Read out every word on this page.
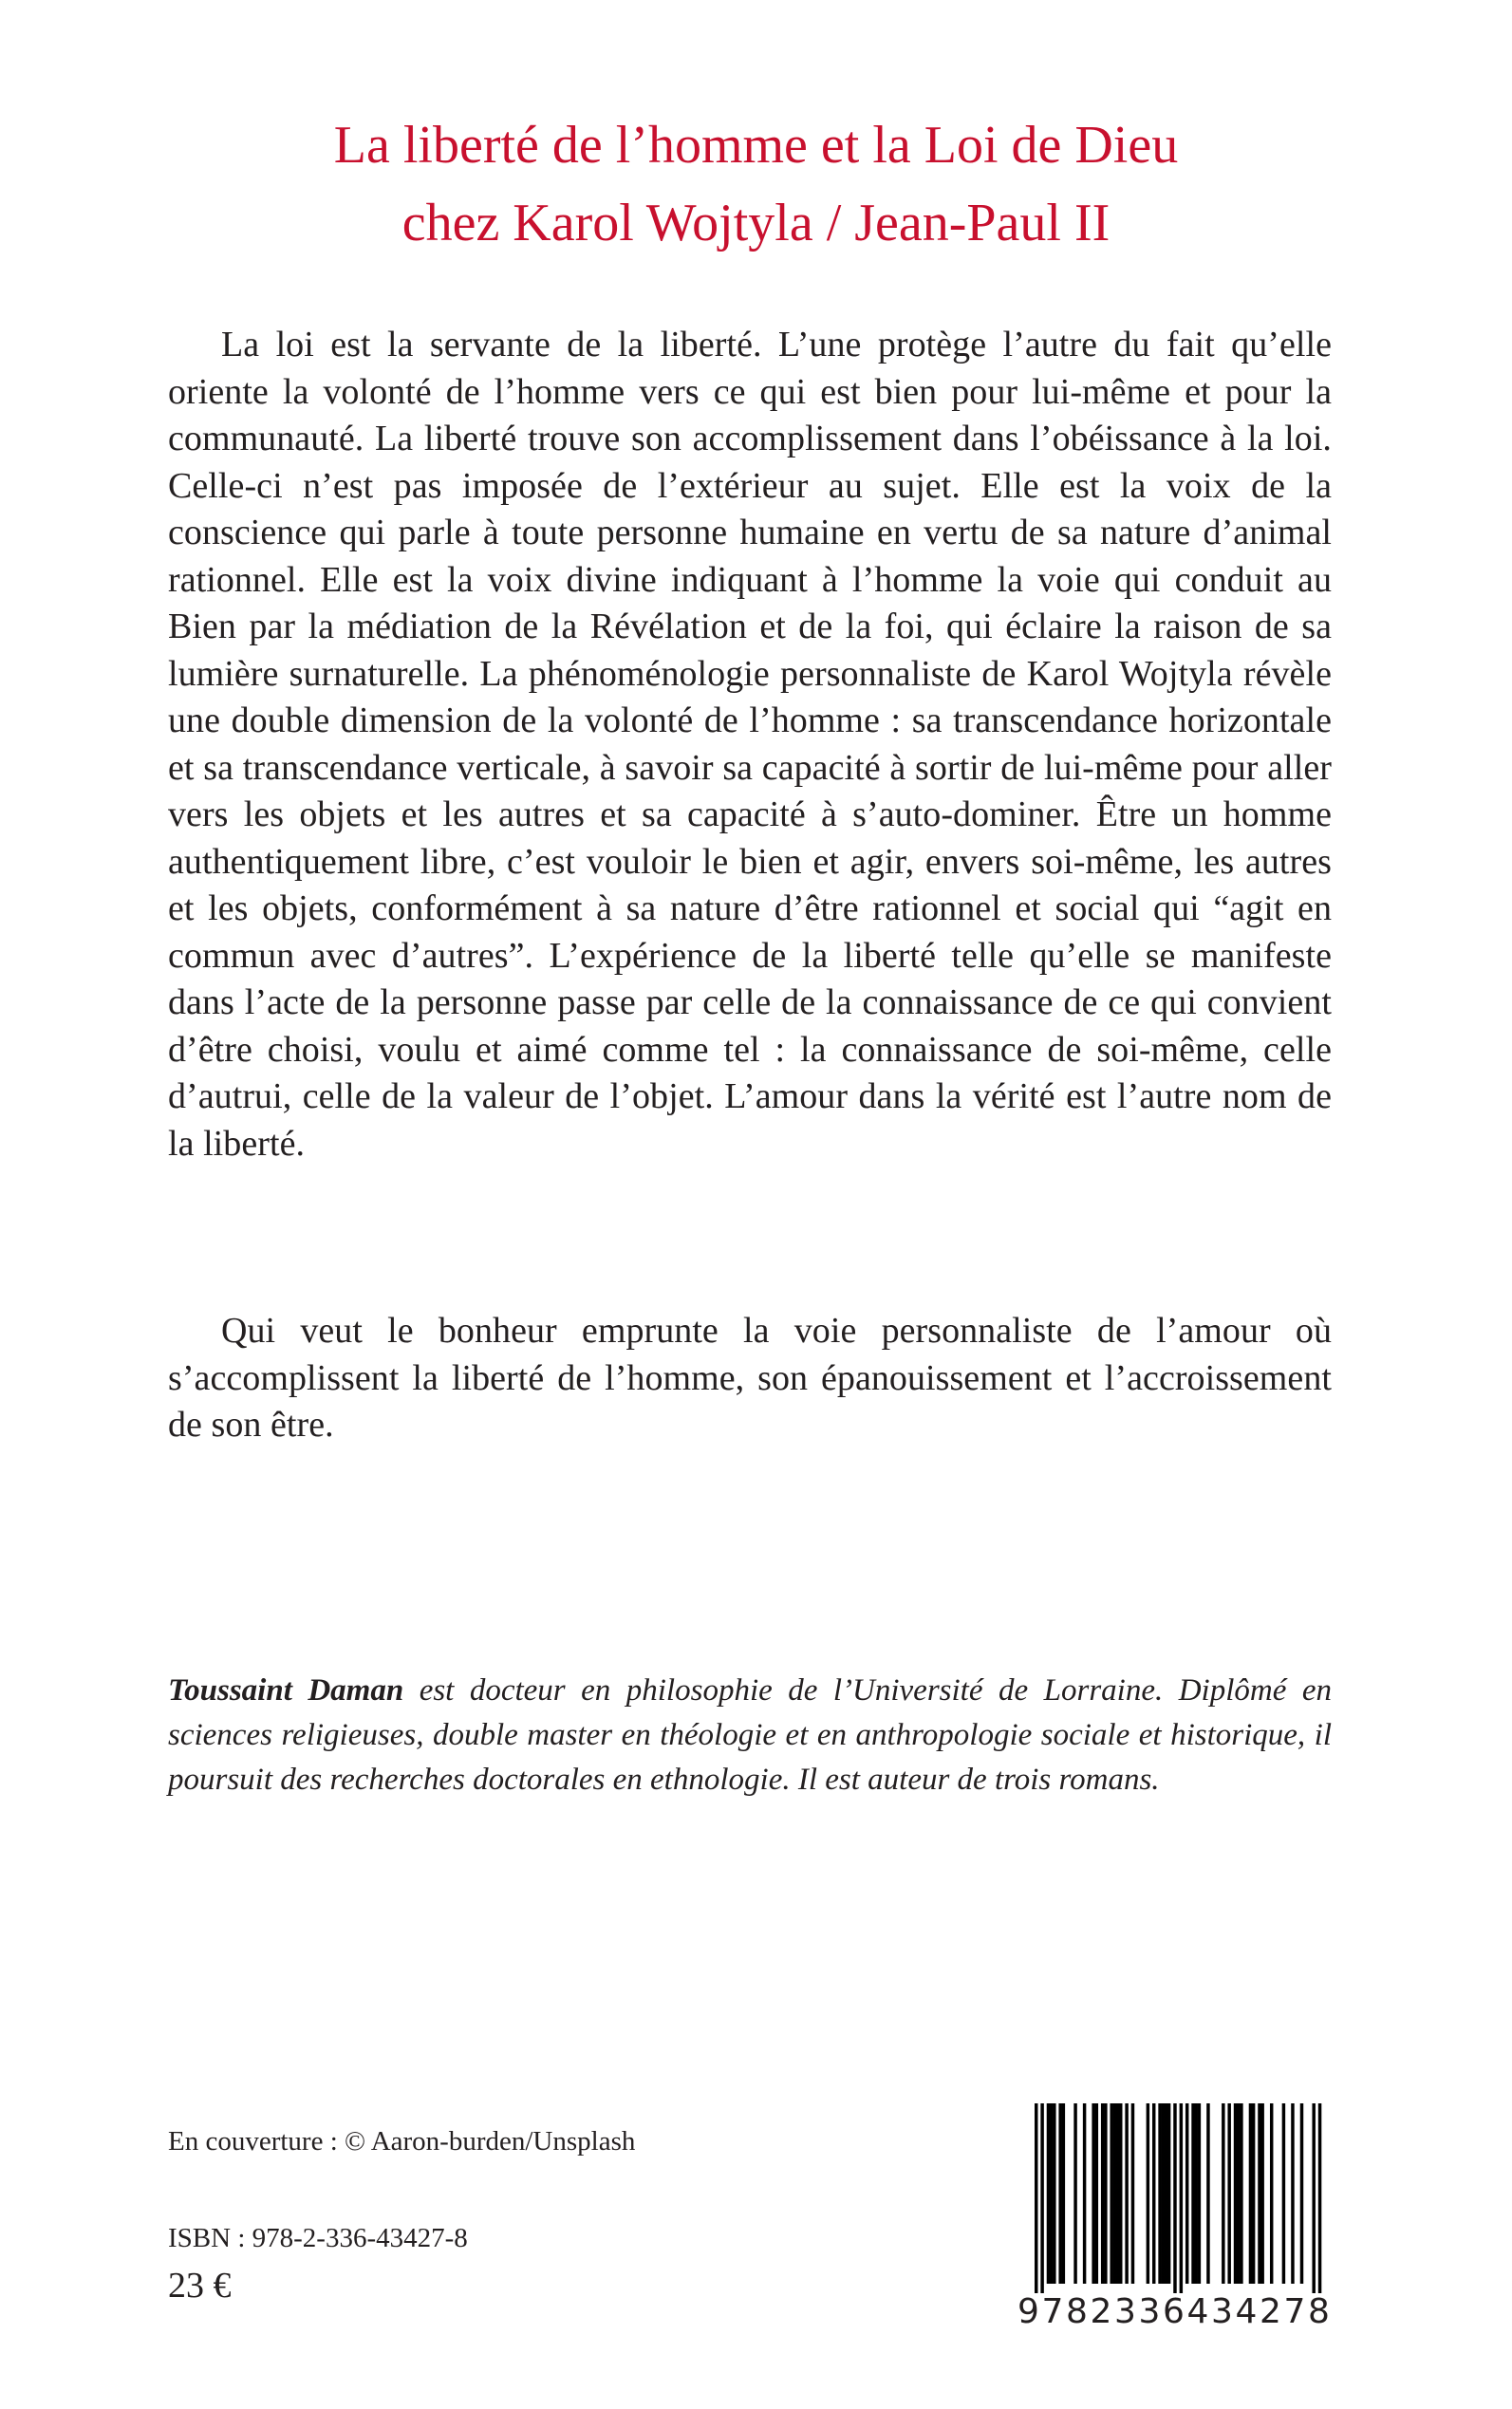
La liberté de l’homme et la Loi de Dieu
chez Karol Wojtyla / Jean-Paul II

La loi est la servante de la liberté. L’une protège l’autre du fait qu’elle oriente la volonté de l’homme vers ce qui est bien pour lui-même et pour la communauté. La liberté trouve son accomplissement dans l’obéissance à la loi. Celle-ci n’est pas imposée de l’extérieur au sujet. Elle est la voix de la conscience qui parle à toute personne humaine en vertu de sa nature d’animal rationnel. Elle est la voix divine indiquant à l’homme la voie qui conduit au Bien par la médiation de la Révélation et de la foi, qui éclaire la raison de sa lumière surnaturelle. La phénoménologie personnaliste de Karol Wojtyla révèle une double dimension de la volonté de l’homme : sa transcendance horizontale et sa transcendance verticale, à savoir sa capacité à sortir de lui-même pour aller vers les objets et les autres et sa capacité à s’auto-dominer. Être un homme authentiquement libre, c’est vouloir le bien et agir, envers soi-même, les autres et les objets, conformément à sa nature d’être rationnel et social qui “agit en commun avec d’autres”. L’expérience de la liberté telle qu’elle se manifeste dans l’acte de la personne passe par celle de la connaissance de ce qui convient d’être choisi, voulu et aimé comme tel : la connaissance de soi-même, celle d’autrui, celle de la valeur de l’objet. L’amour dans la vérité est l’autre nom de la liberté.

Qui veut le bonheur emprunte la voie personnaliste de l’amour où s’accomplissent la liberté de l’homme, son épanouissement et l’accroissement de son être.

Toussaint Daman est docteur en philosophie de l’Université de Lorraine. Diplômé en sciences religieuses, double master en théologie et en anthropologie sociale et historique, il poursuit des recherches doctorales en ethnologie. Il est auteur de trois romans.

En couverture : © Aaron-burden/Unsplash
ISBN : 978-2-336-43427-8
23 €
9782336434278
